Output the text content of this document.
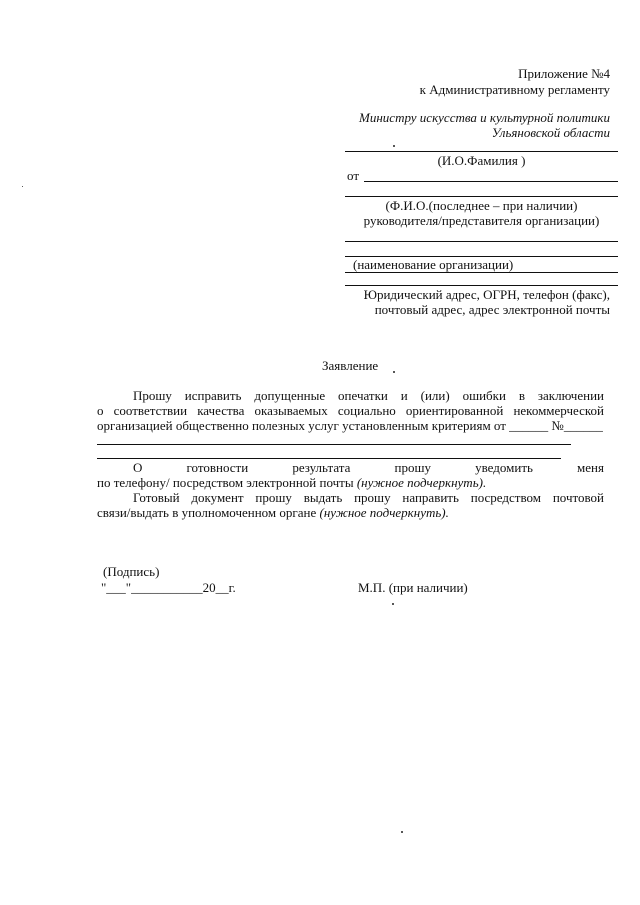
Приложение №4
к Административному регламенту
Министру искусства и культурной политики
Ульяновской области
(И.О.Фамилия )
от
(Ф.И.О.(последнее – при наличии)
руководителя/представителя организации)
(наименование организации)
Юридический адрес, ОГРН, телефон (факс),
почтовый адрес, адрес электронной почты
Заявление
Прошу исправить допущенные опечатки и (или) ошибки в заключении
о соответствии качества оказываемых социально ориентированной некоммерческой
организацией общественно полезных услуг установленным критериям от ______ №______
О готовности результата прошу уведомить меня
по телефону/ посредством электронной почты (нужное подчеркнуть).
Готовый документ прошу выдать прошу направить посредством почтовой
связи/выдать в уполномоченном органе (нужное подчеркнуть).
(Подпись)
"___"___________20__г.	М.П. (при наличии)
